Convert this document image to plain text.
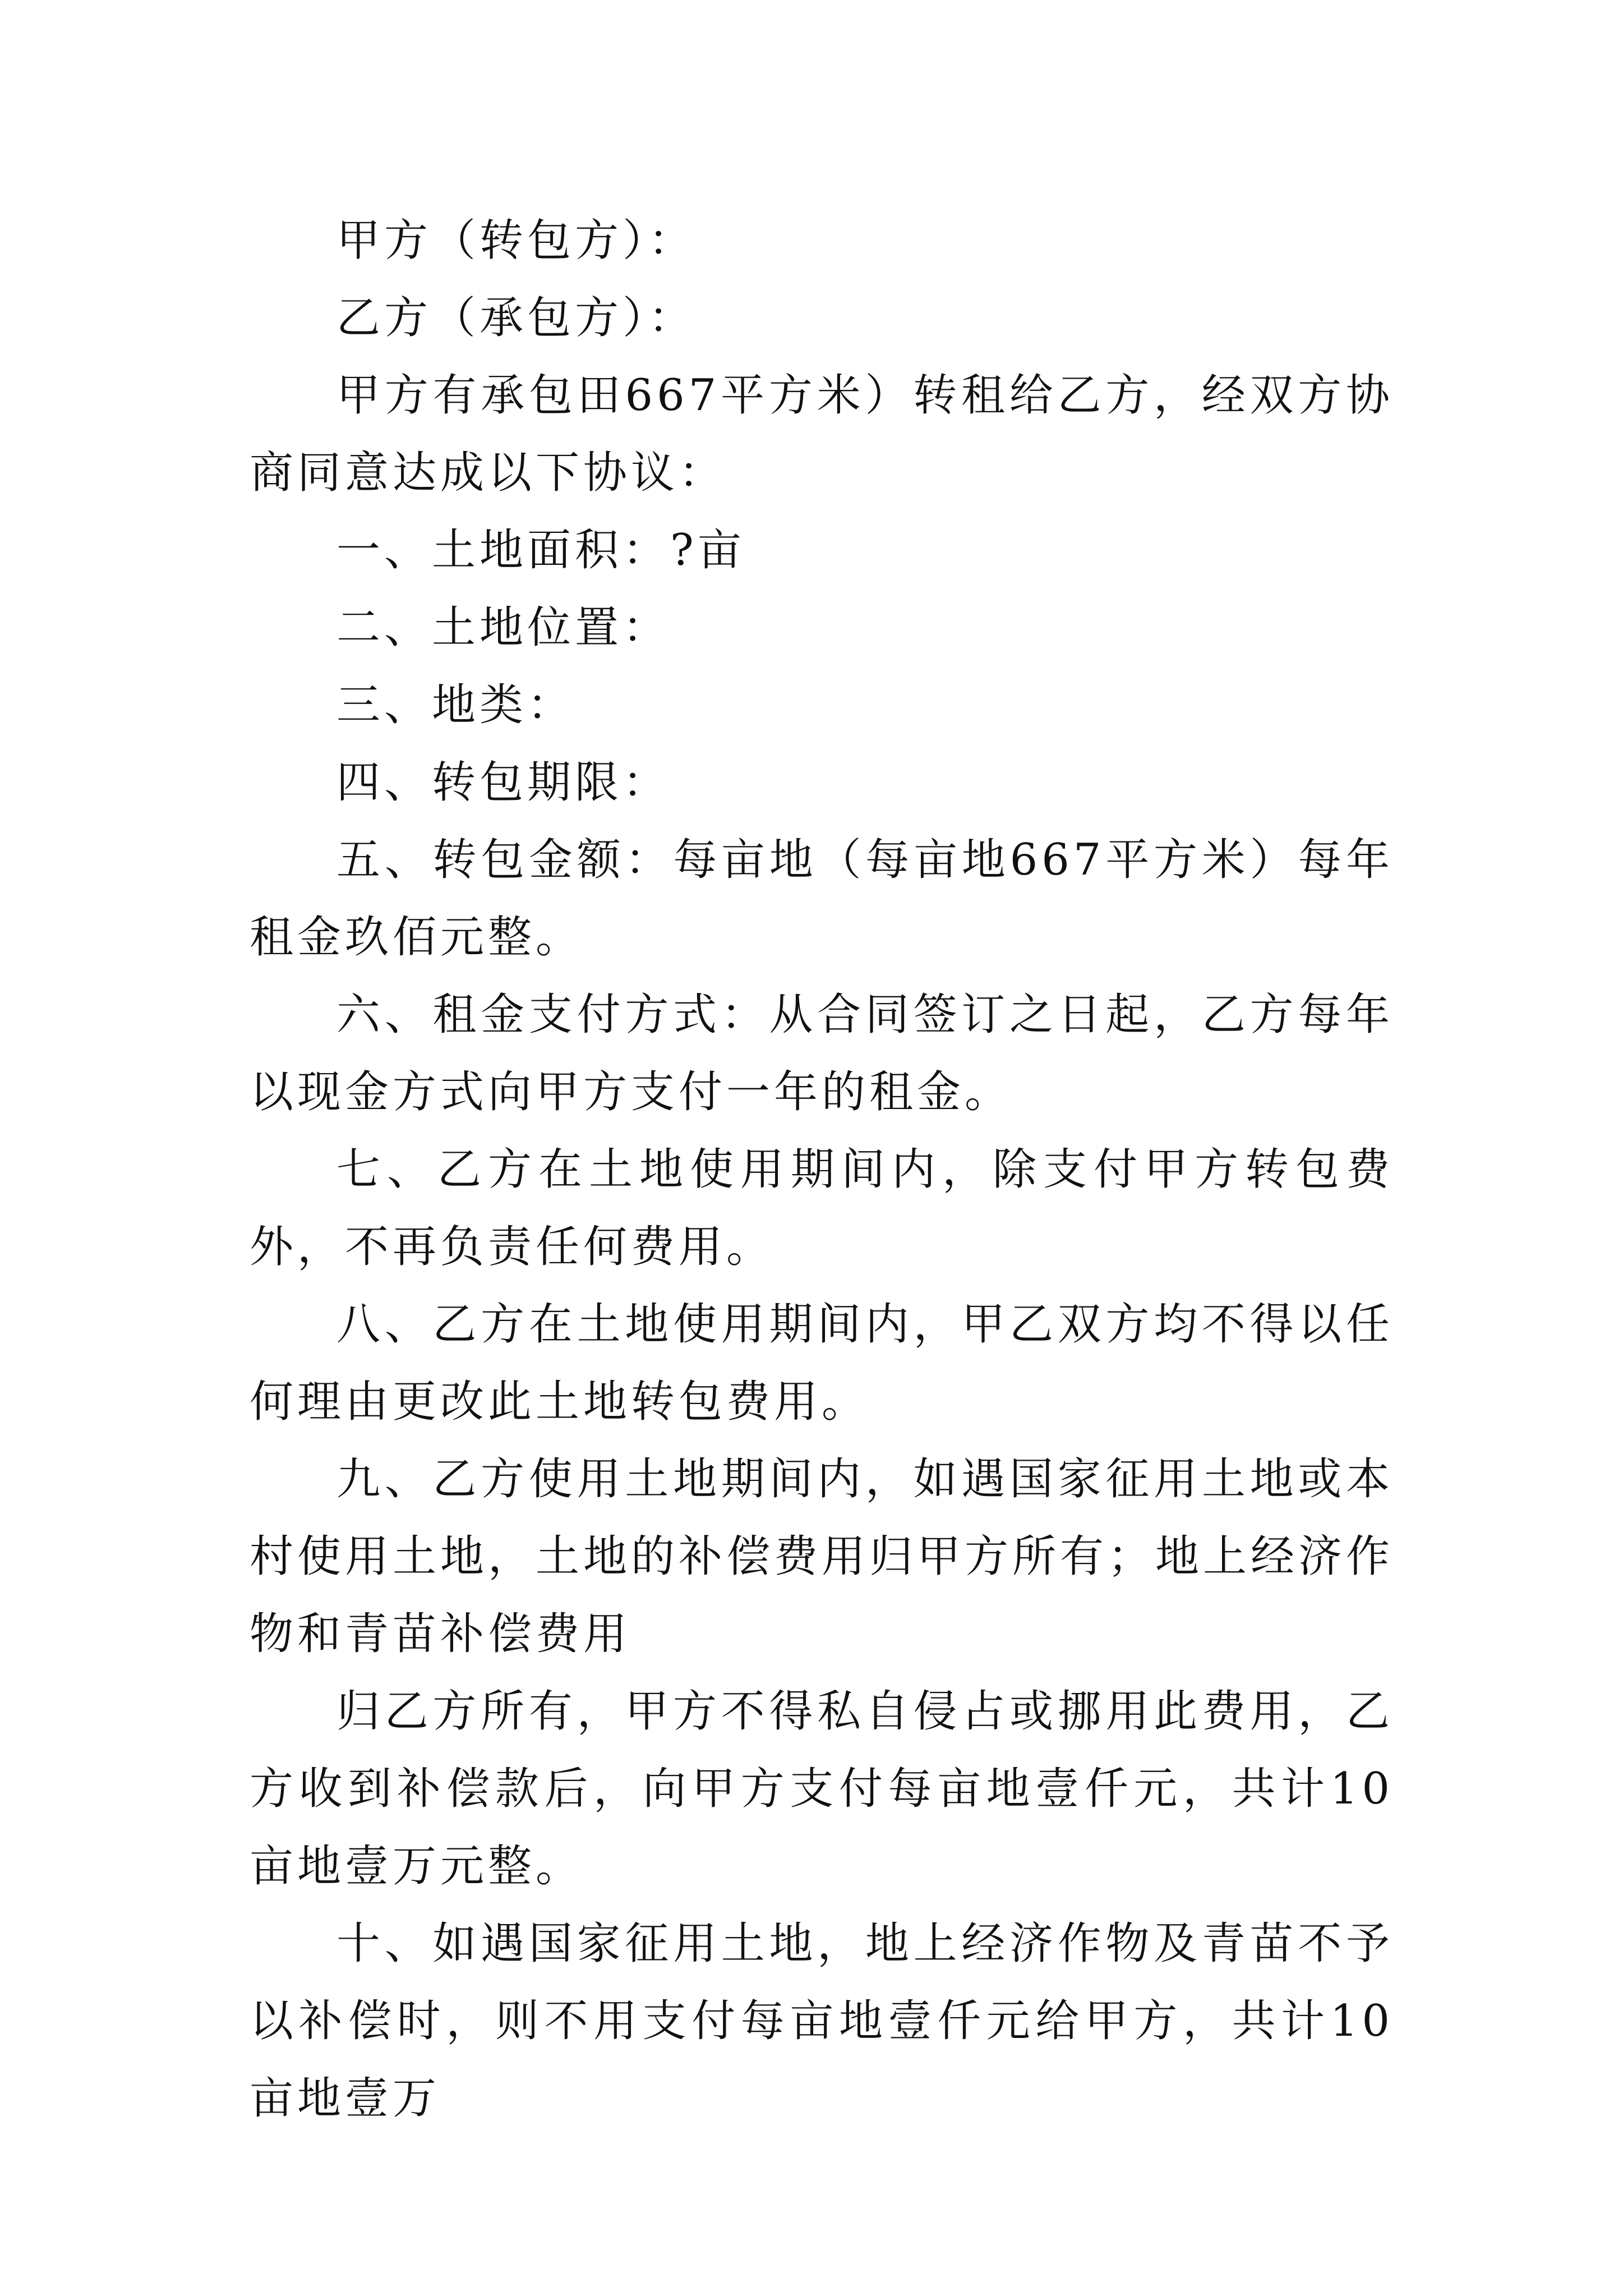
甲方（转包方）：

乙方（承包方）：

甲方有承包田667平方米）转租给乙方，经双方协商同意达成以下协议：

一、土地面积：?亩

二、土地位置：

三、地类：

四、转包期限：

五、转包金额：每亩地（每亩地667平方米）每年租金玖佰元整。

六、租金支付方式：从合同签订之日起，乙方每年以现金方式向甲方支付一年的租金。

七、乙方在土地使用期间内，除支付甲方转包费外，不再负责任何费用。

八、乙方在土地使用期间内，甲乙双方均不得以任何理由更改此土地转包费用。

九、乙方使用土地期间内，如遇国家征用土地或本村使用土地，土地的补偿费用归甲方所有；地上经济作物和青苗补偿费用

归乙方所有，甲方不得私自侵占或挪用此费用，乙方收到补偿款后，向甲方支付每亩地壹仟元，共计10亩地壹万元整。

十、如遇国家征用土地，地上经济作物及青苗不予以补偿时，则不用支付每亩地壹仟元给甲方，共计10亩地壹万
